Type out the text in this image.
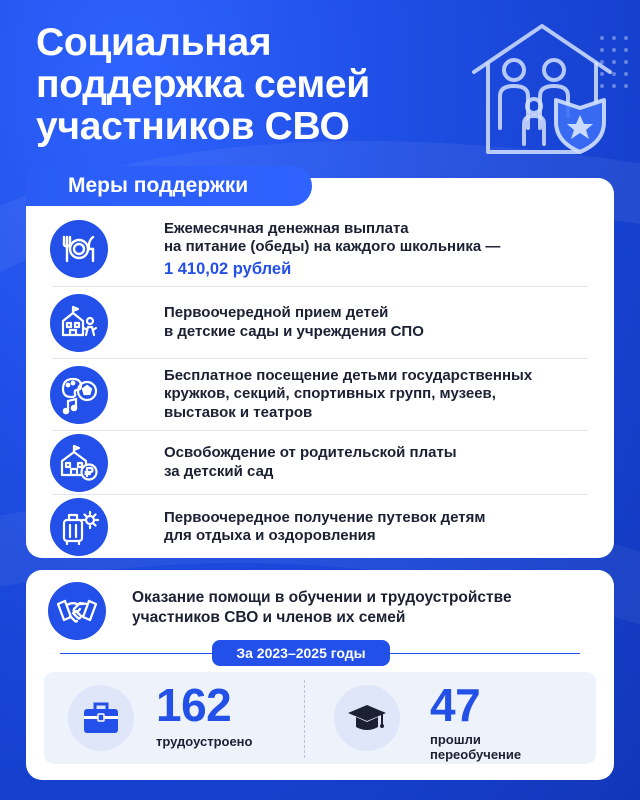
Социальная
поддержка семей
участников СВО
Меры поддержки
Ежемесячная денежная выплата
на питание (обеды) на каждого школьника —
1 410,02 рублей
Первоочередной прием детей
в детские сады и учреждения СПО
Бесплатное посещение детьми государственных
кружков, секций, спортивных групп, музеев,
выставок и театров
Освобождение от родительской платы
за детский сад
Первоочередное получение путевок детям
для отдыха и оздоровления
Оказание помощи в обучении и трудоустройстве
участников СВО и членов их семей
За 2023–2025 годы
162
трудоустроено
47
прошли
переобучение
